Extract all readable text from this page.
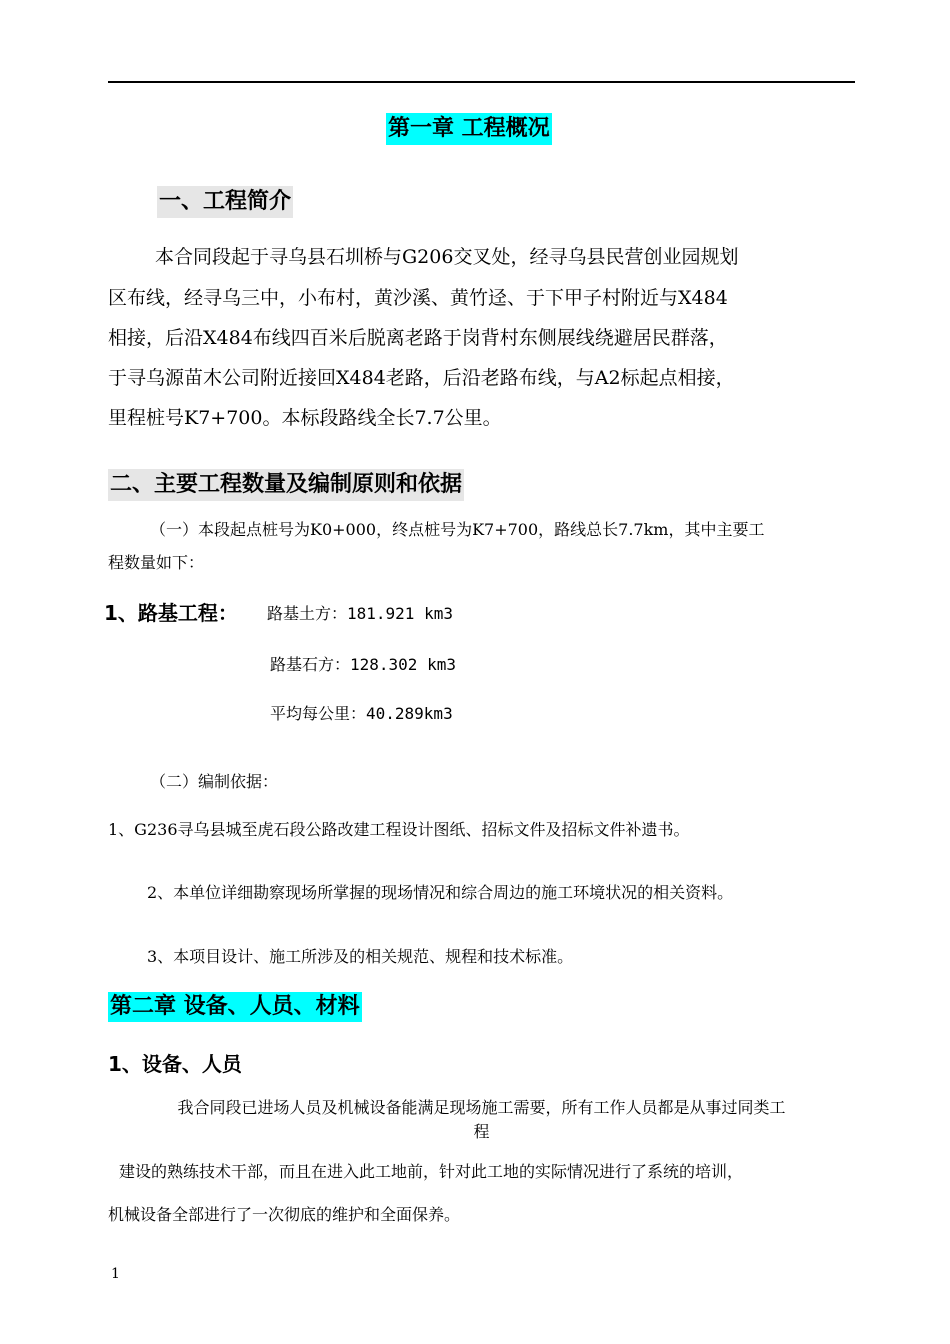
第一章 工程概况
一、工程简介
本合同段起于寻乌县石圳桥与G206交叉处，经寻乌县民营创业园规划
区布线，经寻乌三中，小布村，黄沙溪、黄竹迳、于下甲子村附近与X484
相接，后沿X484布线四百米后脱离老路于岗背村东侧展线绕避居民群落，
于寻乌源苗木公司附近接回X484老路，后沿老路布线，与A2标起点相接，
里程桩号K7+700。本标段路线全长7.7公里。
二、主要工程数量及编制原则和依据
（一）本段起点桩号为K0+000，终点桩号为K7+700，路线总长7.7km，其中主要工
程数量如下：
1、路基工程： 路基土方：181.921 km3
路基石方：128.302 km3
平均每公里：40.289km3
（二）编制依据：
1、G236寻乌县城至虎石段公路改建工程设计图纸、招标文件及招标文件补遗书。
2、本单位详细勘察现场所掌握的现场情况和综合周边的施工环境状况的相关资料。
3、本项目设计、施工所涉及的相关规范、规程和技术标准。
第二章 设备、人员、材料
1、设备、人员
我合同段已进场人员及机械设备能满足现场施工需要，所有工作人员都是从事过同类工
程
建设的熟练技术干部，而且在进入此工地前，针对此工地的实际情况进行了系统的培训，
机械设备全部进行了一次彻底的维护和全面保养。
1
